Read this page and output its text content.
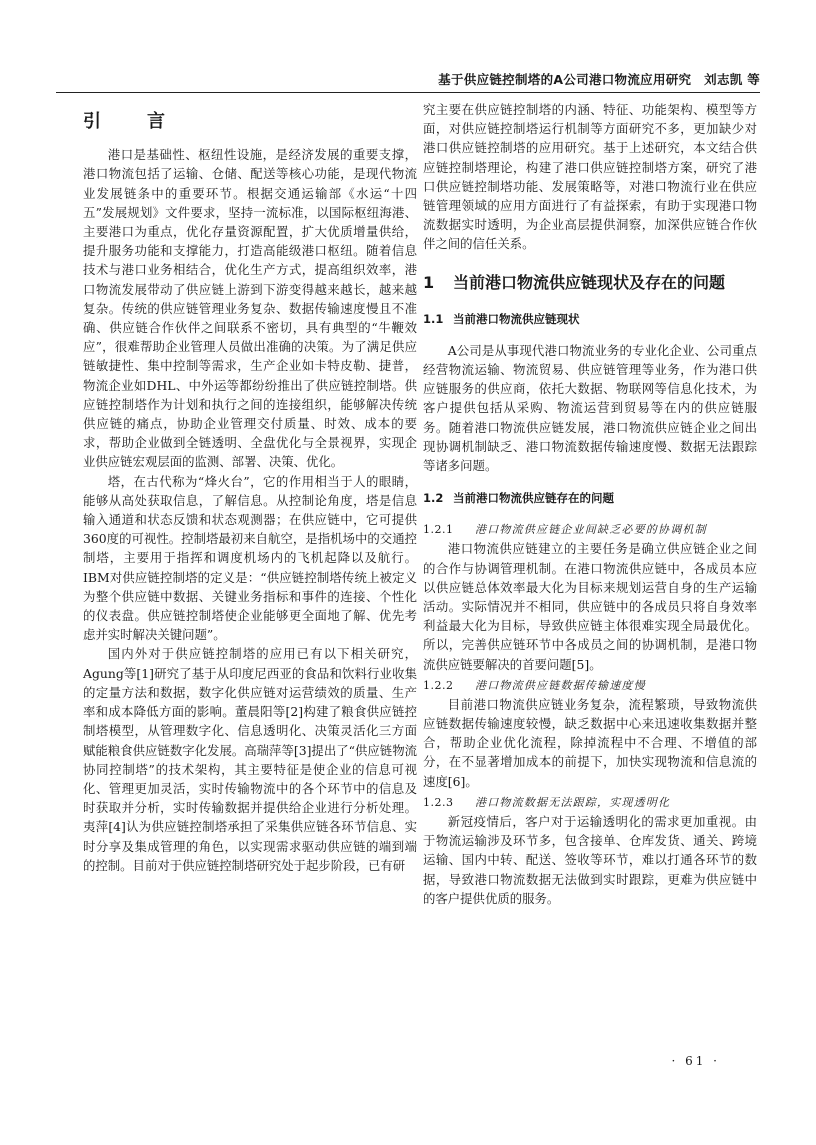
基于供应链控制塔的A公司港口物流应用研究　刘志凯 等
引　言

港口是基础性、枢纽性设施，是经济发展的重要支撑，港口物流包括了运输、仓储、配送等核心功能，是现代物流业发展链条中的重要环节。根据交通运输部《水运“十四五”发展规划》文件要求，坚持一流标准，以国际枢纽海港、主要港口为重点，优化存量资源配置，扩大优质增量供给，提升服务功能和支撑能力，打造高能级港口枢纽。随着信息技术与港口业务相结合，优化生产方式，提高组织效率，港口物流发展带动了供应链上游到下游变得越来越长，越来越复杂。传统的供应链管理业务复杂、数据传输速度慢且不准确、供应链合作伙伴之间联系不密切，具有典型的“牛鞭效应”，很难帮助企业管理人员做出准确的决策。为了满足供应链敏捷性、集中控制等需求，生产企业如卡特皮勒、捷普，物流企业如DHL、中外运等都纷纷推出了供应链控制塔。供应链控制塔作为计划和执行之间的连接组织，能够解决传统供应链的痛点，协助企业管理交付质量、时效、成本的要求，帮助企业做到全链透明、全盘优化与全景视界，实现企业供应链宏观层面的监测、部署、决策、优化。

塔，在古代称为“烽火台”，它的作用相当于人的眼睛，能够从高处获取信息，了解信息。从控制论角度，塔是信息输入通道和状态反馈和状态观测器；在供应链中，它可提供360度的可视性。控制塔最初来自航空，是指机场中的交通控制塔，主要用于指挥和调度机场内的飞机起降以及航行。IBM对供应链控制塔的定义是：“供应链控制塔传统上被定义为整个供应链中数据、关键业务指标和事件的连接、个性化的仪表盘。供应链控制塔使企业能够更全面地了解、优先考虑并实时解决关键问题”。

国内外对于供应链控制塔的应用已有以下相关研究，Agung等[1]研究了基于从印度尼西亚的食品和饮料行业收集的定量方法和数据，数字化供应链对运营绩效的质量、生产率和成本降低方面的影响。董晨阳等[2]构建了粮食供应链控制塔模型，从管理数字化、信息透明化、决策灵活化三方面赋能粮食供应链数字化发展。高瑞萍等[3]提出了“供应链物流协同控制塔”的技术架构，其主要特征是使企业的信息可视化、管理更加灵活，实时传输物流中的各个环节中的信息及时获取并分析，实时传输数据并提供给企业进行分析处理。夷萍[4]认为供应链控制塔承担了采集供应链各环节信息、实时分享及集成管理的角色，以实现需求驱动供应链的端到端的控制。目前对于供应链控制塔研究处于起步阶段，已有研

究主要在供应链控制塔的内涵、特征、功能架构、模型等方面，对供应链控制塔运行机制等方面研究不多，更加缺少对港口供应链控制塔的应用研究。基于上述研究，本文结合供应链控制塔理论，构建了港口供应链控制塔方案，研究了港口供应链控制塔功能、发展策略等，对港口物流行业在供应链管理领域的应用方面进行了有益探索，有助于实现港口物流数据实时透明，为企业高层提供洞察，加深供应链合作伙伴之间的信任关系。

1	当前港口物流供应链现状及存在的问题
1.1 当前港口物流供应链现状

A公司是从事现代港口物流业务的专业化企业、公司重点经营物流运输、物流贸易、供应链管理等业务，作为港口供应链服务的供应商，依托大数据、物联网等信息化技术，为客户提供包括从采购、物流运营到贸易等在内的供应链服务。随着港口物流供应链发展，港口物流供应链企业之间出现协调机制缺乏、港口物流数据传输速度慢、数据无法跟踪等诸多问题。

1.2 当前港口物流供应链存在的问题
1.2.1	港口物流供应链企业间缺乏必要的协调机制

港口物流供应链建立的主要任务是确立供应链企业之间的合作与协调管理机制。在港口物流供应链中，各成员本应以供应链总体效率最大化为目标来规划运营自身的生产运输活动。实际情况并不相同，供应链中的各成员只将自身效率利益最大化为目标，导致供应链主体很难实现全局最优化。所以，完善供应链环节中各成员之间的协调机制，是港口物流供应链要解决的首要问题[5]。

1.2.2	港口物流供应链数据传输速度慢

目前港口物流供应链业务复杂，流程繁琐，导致物流供应链数据传输速度较慢，缺乏数据中心来迅速收集数据并整合，帮助企业优化流程，除掉流程中不合理、不增值的部分，在不显著增加成本的前提下，加快实现物流和信息流的速度[6]。

1.2.3	港口物流数据无法跟踪，实现透明化

新冠疫情后，客户对于运输透明化的需求更加重视。由于物流运输涉及环节多，包含接单、仓库发货、通关、跨境运输、国内中转、配送、签收等环节，难以打通各环节的数据，导致港口物流数据无法做到实时跟踪，更难为供应链中的客户提供优质的服务。

· 61 ·
